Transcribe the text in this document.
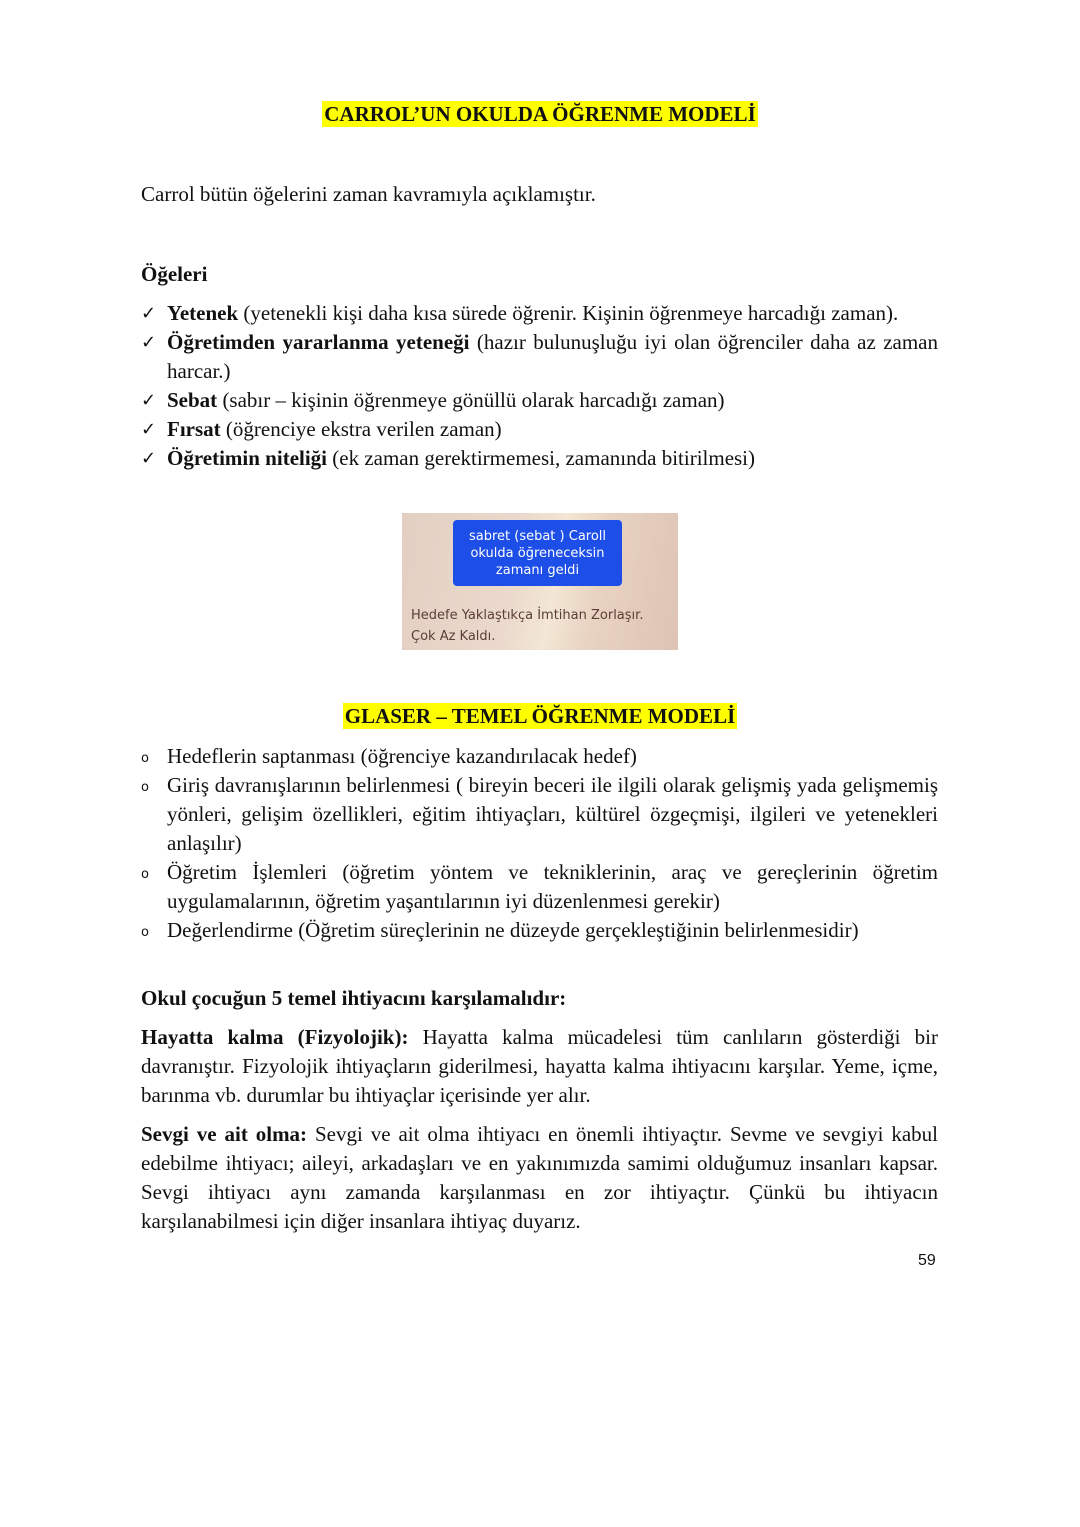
CARROL’UN OKULDA ÖĞRENME MODELİ
Carrol bütün öğelerini zaman kavramıyla açıklamıştır.
Öğeleri
✓ Yetenek (yetenekli kişi daha kısa sürede öğrenir. Kişinin öğrenmeye harcadığı zaman).
✓ Öğretimden yararlanma yeteneği (hazır bulunuşluğu iyi olan öğrenciler daha az zaman harcar.)
✓ Sebat (sabır – kişinin öğrenmeye gönüllü olarak harcadığı zaman)
✓ Fırsat (öğrenciye ekstra verilen zaman)
✓ Öğretimin niteliği (ek zaman gerektirmemesi, zamanında bitirilmesi)
sabret (sebat ) Caroll
okulda öğreneceksin
zamanı geldi
Hedefe Yaklaştıkça İmtihan Zorlaşır.
Çok Az Kaldı.
GLASER – TEMEL ÖĞRENME MODELİ
o Hedeflerin saptanması (öğrenciye kazandırılacak hedef)
o Giriş davranışlarının belirlenmesi ( bireyin beceri ile ilgili olarak gelişmiş yada gelişmemiş yönleri, gelişim özellikleri, eğitim ihtiyaçları, kültürel özgeçmişi, ilgileri ve yetenekleri anlaşılır)
o Öğretim İşlemleri (öğretim yöntem ve tekniklerinin, araç ve gereçlerinin öğretim uygulamalarının, öğretim yaşantılarının iyi düzenlenmesi gerekir)
o Değerlendirme (Öğretim süreçlerinin ne düzeyde gerçekleştiğinin belirlenmesidir)
Okul çocuğun 5 temel ihtiyacını karşılamalıdır:
Hayatta kalma (Fizyolojik): Hayatta kalma mücadelesi tüm canlıların gösterdiği bir davranıştır. Fizyolojik ihtiyaçların giderilmesi, hayatta kalma ihtiyacını karşılar. Yeme, içme, barınma vb. durumlar bu ihtiyaçlar içerisinde yer alır.
Sevgi ve ait olma: Sevgi ve ait olma ihtiyacı en önemli ihtiyaçtır. Sevme ve sevgiyi kabul edebilme ihtiyacı; aileyi, arkadaşları ve en yakınımızda samimi olduğumuz insanları kapsar. Sevgi ihtiyacı aynı zamanda karşılanması en zor ihtiyaçtır. Çünkü bu ihtiyacın karşılanabilmesi için diğer insanlara ihtiyaç duyarız.
59
